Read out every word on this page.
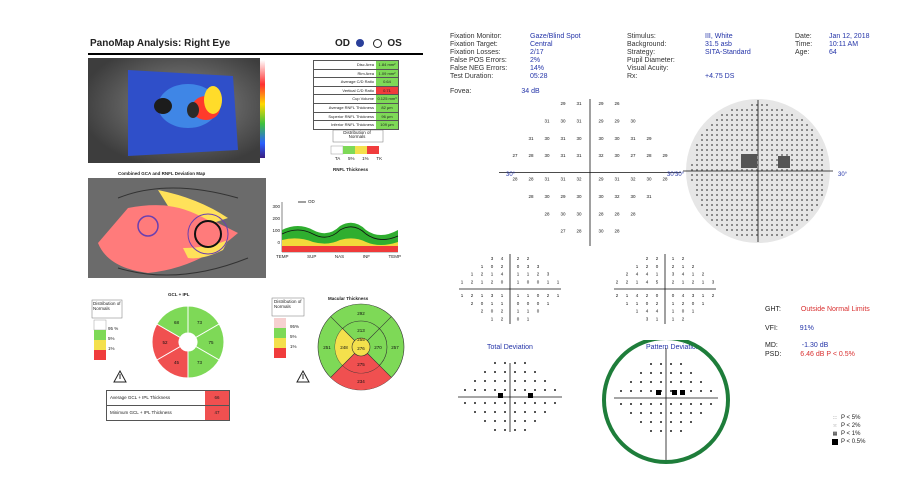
PanoMap Analysis: Right Eye	OD	OS
Combined GCA and RNFL Deviation Map
Disc Area	1.84 mm²
Rim Area	1.09 mm²
Average C/D Ratio	0.64
Vertical C/D Ratio	0.71
Cup Volume 0.125 mm³
Average RNFL Thickness	82 μm
Superior RNFL Thickness	96 μm
Inferior RNFL Thickness	109 μm
Distribution of Normals
TA 5% 1% TK
RNFL Thickness
OD
300
200
100
0
TEMP	SUP	NAS	INF	TEMP
GCL + IPL
Distribution of Normals
95 %
5%
1%
73
75
73
45
52
68
Average GCL + IPL Thickness	66
Minimum GCL + IPL Thickness	47
Macular Thickness
Distribution of Normals
95%
5%
1%
292
213
257
251	276
248
275
234
270
255
Fixation Monitor:	Gaze/Blind Spot
Fixation Target:	Central
Fixation Losses:	2/17
False POS Errors:	2%
False NEG Errors:	14%
Test Duration:	05:28
Fovea:	34 dB
Stimulus:	III, White
Background:	31.5 asb
Strategy:	SITA-Standard
Pupil Diameter:
Visual Acuity:
Rx:	+4.75 DS
Date:	Jan 12, 2018
Time:	10:11 AM
Age:	64
29 31	29 26
31 30 31	29 29 30
31 30 31 30	30 30 31 29
27 28 30 31 31	32 30 27 28 29
28 28 31 31 32	29 31 32 30 28
28 30 29 30	30 32 30 31
28 30 30	28 28 28
27 28	30 28
30°	30°
30°	30°
3 4	2 2
1 0 2	0 3 3
1 2 1 4	1 1 2 3
1 2 1 2 0	1 0 0 1 1
1 2 1 3 1	1 1 0 2 1
2 0 1 1	0 0 0 1
2 0 2	1 1 0
1 2	0 1
2 2	1 2
1 2 0	2 1 2
2 4 4 1	3 4 1 2
2 2 1 4 5	2 1 2 1 3
2 1 4 2 0	0 4 3 1 2
1 1 0 2	1 2 0 1
1 4 4	1 0 1
3 1	1 2
Total Deviation	Pattern Deviation
GHT:	Outside Normal Limits
VFI:	91%
MD:	-1.30 dB
PSD:	6.46 dB P < 0.5%
∷ P < 5%
⁙ P < 2%
▦ P < 1%
P < 0.5%
